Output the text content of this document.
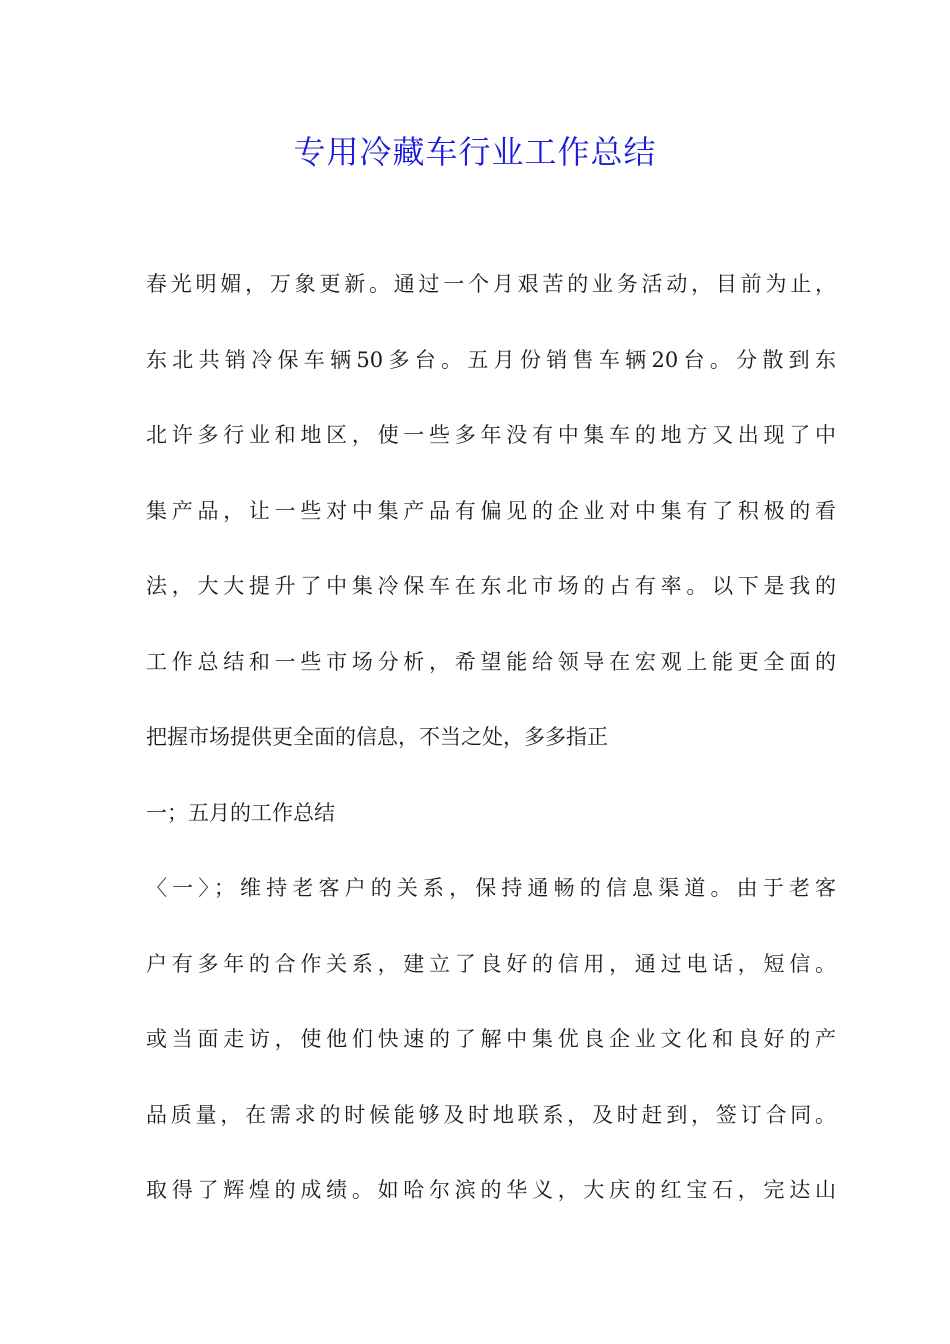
专用冷藏车行业工作总结
春光明媚，万象更新。通过一个月艰苦的业务活动，目前为止，
东北共销冷保车辆50多台。五月份销售车辆20台。分散到东
北许多行业和地区，使一些多年没有中集车的地方又出现了中
集产品，让一些对中集产品有偏见的企业对中集有了积极的看
法，大大提升了中集冷保车在东北市场的占有率。以下是我的
工作总结和一些市场分析，希望能给领导在宏观上能更全面的
把握市场提供更全面的信息，不当之处，多多指正
一；五月的工作总结
〈一〉；维持老客户的关系，保持通畅的信息渠道。由于老客
户有多年的合作关系，建立了良好的信用，通过电话，短信。
或当面走访，使他们快速的了解中集优良企业文化和良好的产
品质量，在需求的时候能够及时地联系，及时赶到，签订合同。
取得了辉煌的成绩。如哈尔滨的华义，大庆的红宝石，完达山
